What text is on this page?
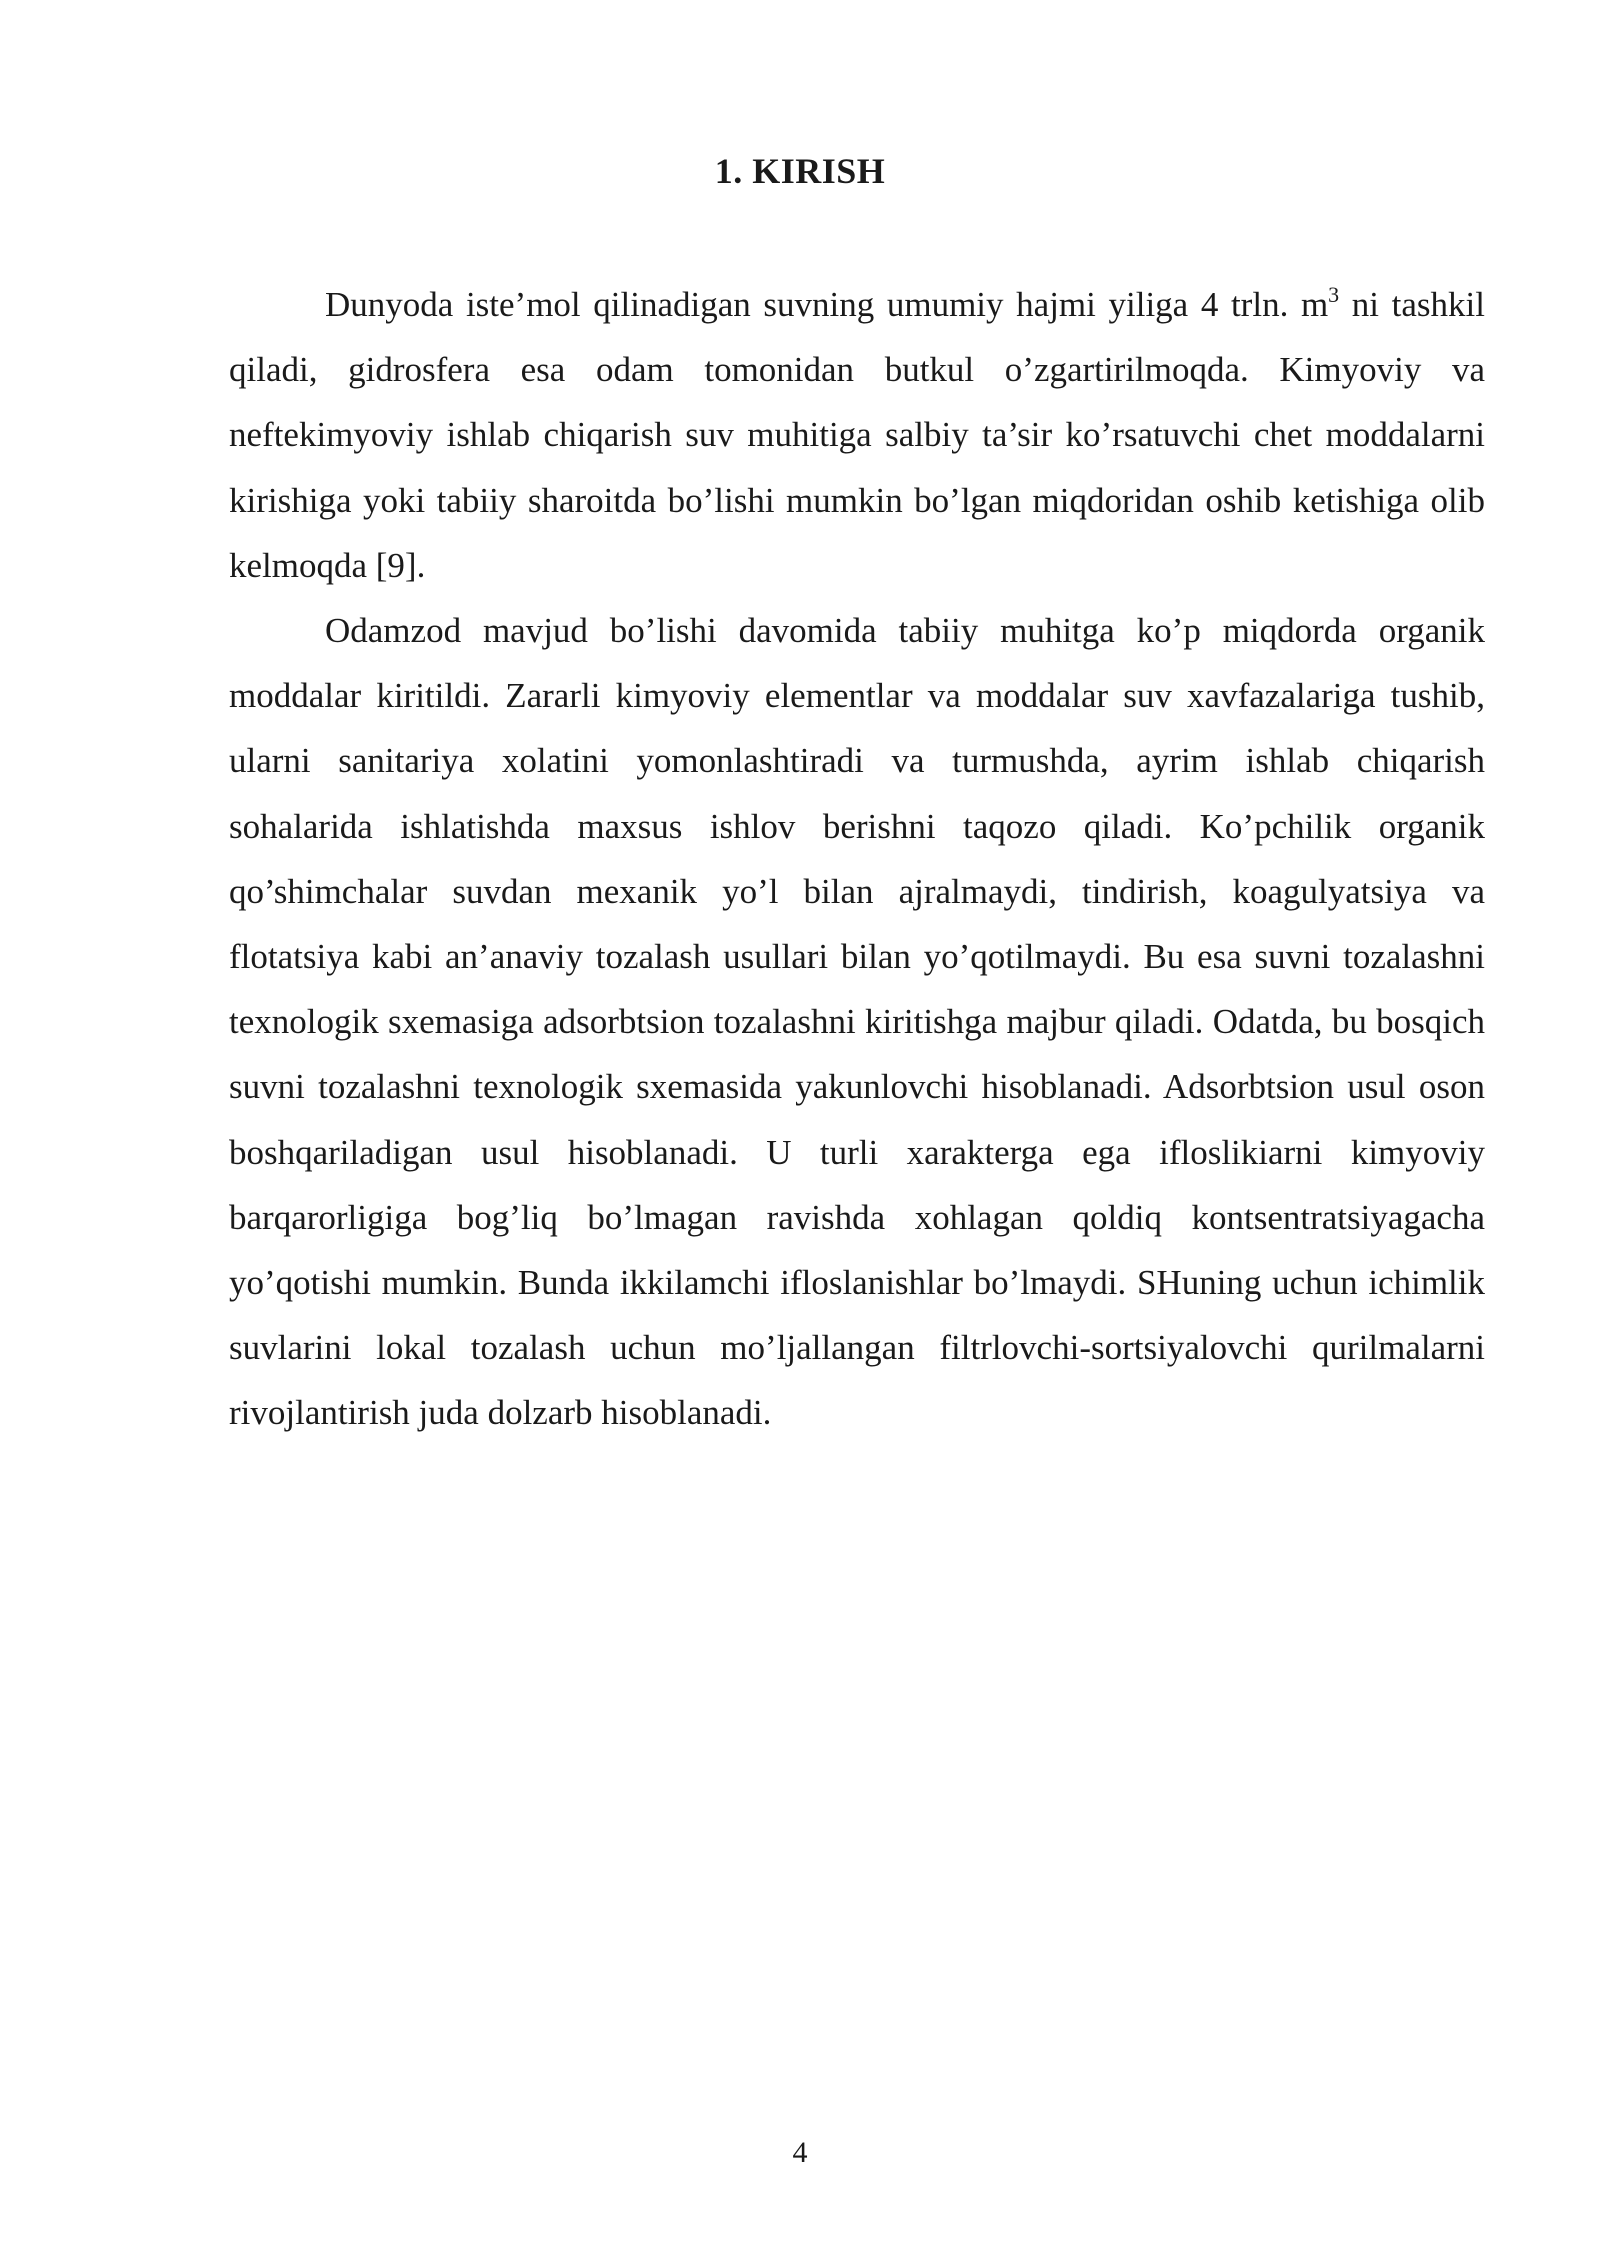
1. KIRISH

Dunyoda iste’mol qilinadigan suvning umumiy hajmi yiliga 4 trln. $m^3$ ni tashkil qiladi, gidrosfera esa odam tomonidan butkul o’zgartirilmoqda. Kimyoviy va neftekimyoviy ishlab chiqarish suv muhitiga salbiy ta’sir ko’rsatuvchi chet moddalarni kirishiga yoki tabiiy sharoitda bo’lishi mumkin bo’lgan miqdoridan oshib ketishiga olib kelmoqda [9].

Odamzod mavjud bo’lishi davomida tabiiy muhitga ko’p miqdorda organik moddalar kiritildi. Zararli kimyoviy elementlar va moddalar suv xavfazalariga tushib, ularni sanitariya xolatini yomonlashtiradi va turmushda, ayrim ishlab chiqarish sohalarida ishlatishda maxsus ishlov berishni taqozo qiladi. Ko’pchilik organik qo’shimchalar suvdan mexanik yo’l bilan ajralmaydi, tindirish, koagulyatsiya va flotatsiya kabi an’anaviy tozalash usullari bilan yo’qotilmaydi. Bu esa suvni tozalashni texnologik sxemasiga adsorbtsion tozalashni kiritishga majbur qiladi. Odatda, bu bosqich suvni tozalashni texnologik sxemasida yakunlovchi hisoblanadi. Adsorbtsion usul oson boshqariladigan usul hisoblanadi. U turli xarakterga ega ifloslikiarni kimyoviy barqarorligiga bog’liq bo’lmagan ravishda xohlagan qoldiq kontsentratsiyagacha yo’qotishi mumkin. Bunda ikkilamchi ifloslanishlar bo’lmaydi. SHuning uchun ichimlik suvlarini lokal tozalash uchun mo’ljallangan filtrlovchi-sortsiyalovchi qurilmalarni rivojlantirish juda dolzarb hisoblanadi.

4
